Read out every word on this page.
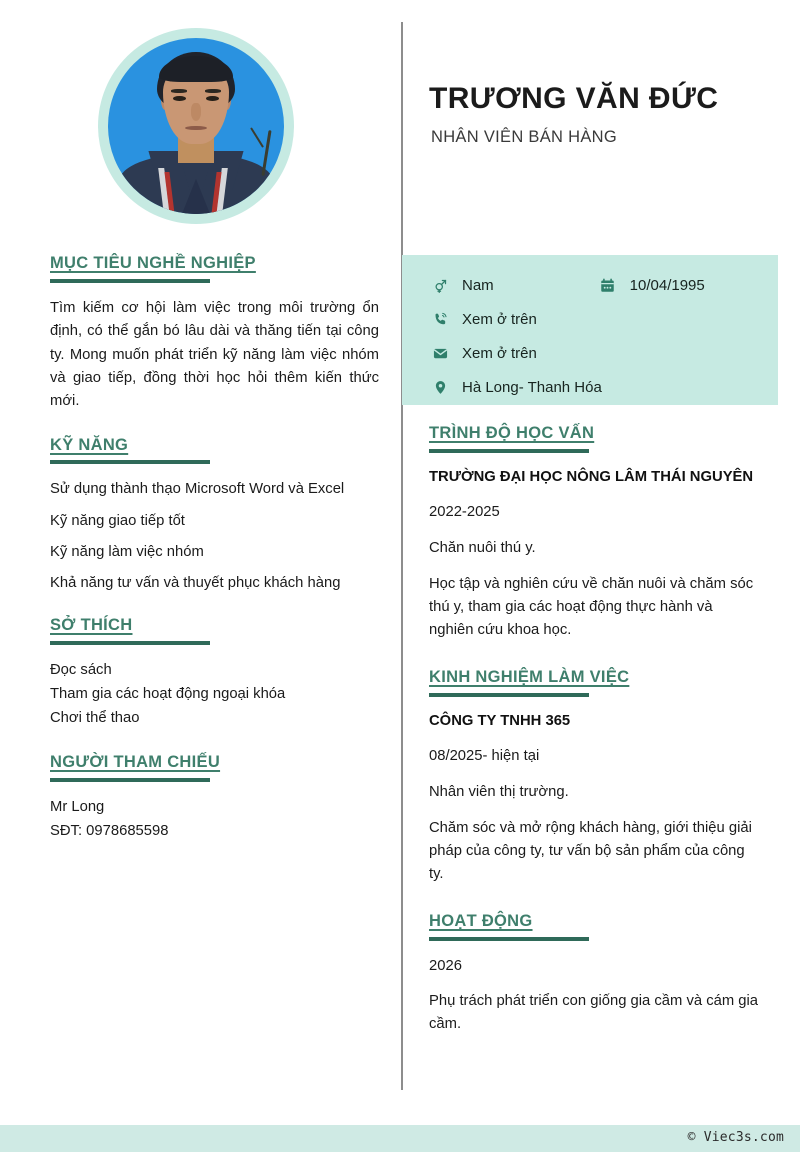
MỤC TIÊU NGHỀ NGHIỆP

Tìm kiếm cơ hội làm việc trong môi trường ổn định, có thể gắn bó lâu dài và thăng tiến tại công ty. Mong muốn phát triển kỹ năng làm việc nhóm và giao tiếp, đồng thời học hỏi thêm kiến thức mới.

KỸ NĂNG

Sử dụng thành thạo Microsoft Word và Excel

Kỹ năng giao tiếp tốt

Kỹ năng làm việc nhóm

Khả năng tư vấn và thuyết phục khách hàng

SỞ THÍCH

Đọc sách

Tham gia các hoạt động ngoại khóa

Chơi thể thao

NGƯỜI THAM CHIẾU

Mr Long

SĐT: 0978685598

TRƯƠNG VĂN ĐỨC
NHÂN VIÊN BÁN HÀNG
Nam	10/04/1995
Xem ở trên
Xem ở trên
Hà Long- Thanh Hóa
TRÌNH ĐỘ HỌC VẤN

TRƯỜNG ĐẠI HỌC NÔNG LÂM THÁI NGUYÊN

2022-2025

Chăn nuôi thú y.

Học tập và nghiên cứu về chăn nuôi và chăm sóc thú y, tham gia các hoạt động thực hành và nghiên cứu khoa học.

KINH NGHIỆM LÀM VIỆC

CÔNG TY TNHH 365

08/2025- hiện tại

Nhân viên thị trường.

Chăm sóc và mở rộng khách hàng, giới thiệu giải pháp của công ty, tư vấn bộ sản phẩm của công ty.

HOẠT ĐỘNG

2026

Phụ trách phát triển con giống gia cầm và cám gia cầm.

© Viec3s.com
